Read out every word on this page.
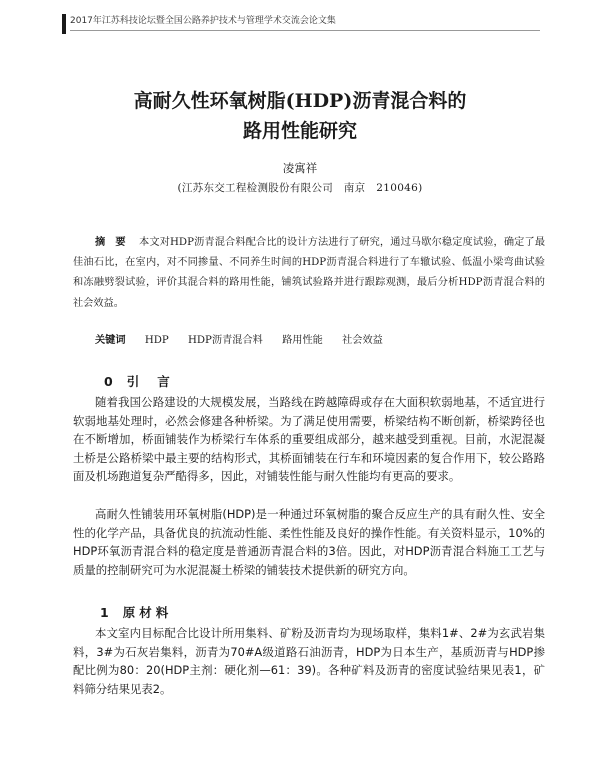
2017年江苏科技论坛暨全国公路养护技术与管理学术交流会论文集
高耐久性环氧树脂(HDP)沥青混合料的
路用性能研究
凌寓祥
(江苏东交工程检测股份有限公司　南京　210046)
摘要 本文对HDP沥青混合料配合比的设计方法进行了研究，通过马歇尔稳定度试验，确定了最佳油石比，在室内，对不同掺量、不同养生时间的HDP沥青混合料进行了车辙试验、低温小梁弯曲试验和冻融劈裂试验，评价其混合料的路用性能，铺筑试验路并进行跟踪观测，最后分析HDP沥青混合料的社会效益。
关键词 HDP HDP沥青混合料 路用性能 社会效益
0 引言
随着我国公路建设的大规模发展，当路线在跨越障碍或存在大面积软弱地基，不适宜进行软弱地基处理时，必然会修建各种桥梁。为了满足使用需要，桥梁结构不断创新，桥梁跨径也在不断增加，桥面铺装作为桥梁行车体系的重要组成部分，越来越受到重视。目前，水泥混凝土桥是公路桥梁中最主要的结构形式，其桥面铺装在行车和环境因素的复合作用下，较公路路面及机场跑道复杂严酷得多，因此，对铺装性能与耐久性能均有更高的要求。
高耐久性铺装用环氧树脂(HDP)是一种通过环氧树脂的聚合反应生产的具有耐久性、安全性的化学产品，具备优良的抗流动性能、柔性性能及良好的操作性能。有关资料显示，10%的HDP环氧沥青混合料的稳定度是普通沥青混合料的3倍。因此，对HDP沥青混合料施工工艺与质量的控制研究可为水泥混凝土桥梁的铺装技术提供新的研究方向。
1 原材料
本文室内目标配合比设计所用集料、矿粉及沥青均为现场取样，集料1#、2#为玄武岩集料，3#为石灰岩集料，沥青为70#A级道路石油沥青，HDP为日本生产，基质沥青与HDP掺配比例为80：20(HDP主剂：硬化剂—61：39)。各种矿料及沥青的密度试验结果见表1，矿料筛分结果见表2。
